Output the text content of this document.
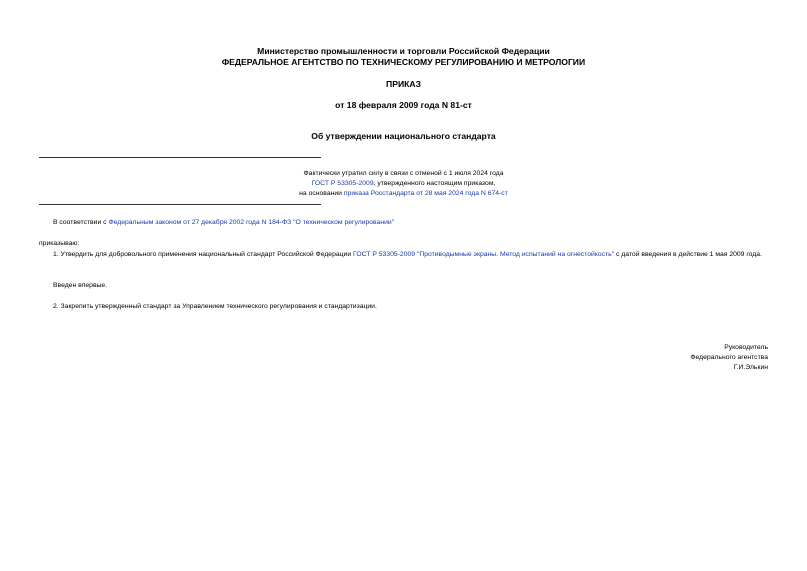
Министерство промышленности и торговли Российской Федерации
ФЕДЕРАЛЬНОЕ АГЕНТСТВО ПО ТЕХНИЧЕСКОМУ РЕГУЛИРОВАНИЮ И МЕТРОЛОГИИ
ПРИКАЗ
от 18 февраля 2009 года N 81-ст
Об утверждении национального стандарта
Фактически утратил силу в связи с отменой с 1 июля 2024 года
ГОСТ Р 53305-2009, утвержденного настоящим приказом,
на основании приказа Росстандарта от 28 мая 2024 года N 674-ст
В соответствии с Федеральным законом от 27 декабря 2002 года N 184-ФЗ "О техническом регулировании"
приказываю:
1. Утвердить для добровольного применения национальный стандарт Российской Федерации ГОСТ Р 53305-2009 "Противодымные экраны. Метод испытаний на огнестойкость" с датой введения в действие 1 мая 2009 года.
Введен впервые.
2. Закрепить утвержденный стандарт за Управлением технического регулирования и стандартизации.
Руководитель
Федерального агентства
Г.И.Элькин
